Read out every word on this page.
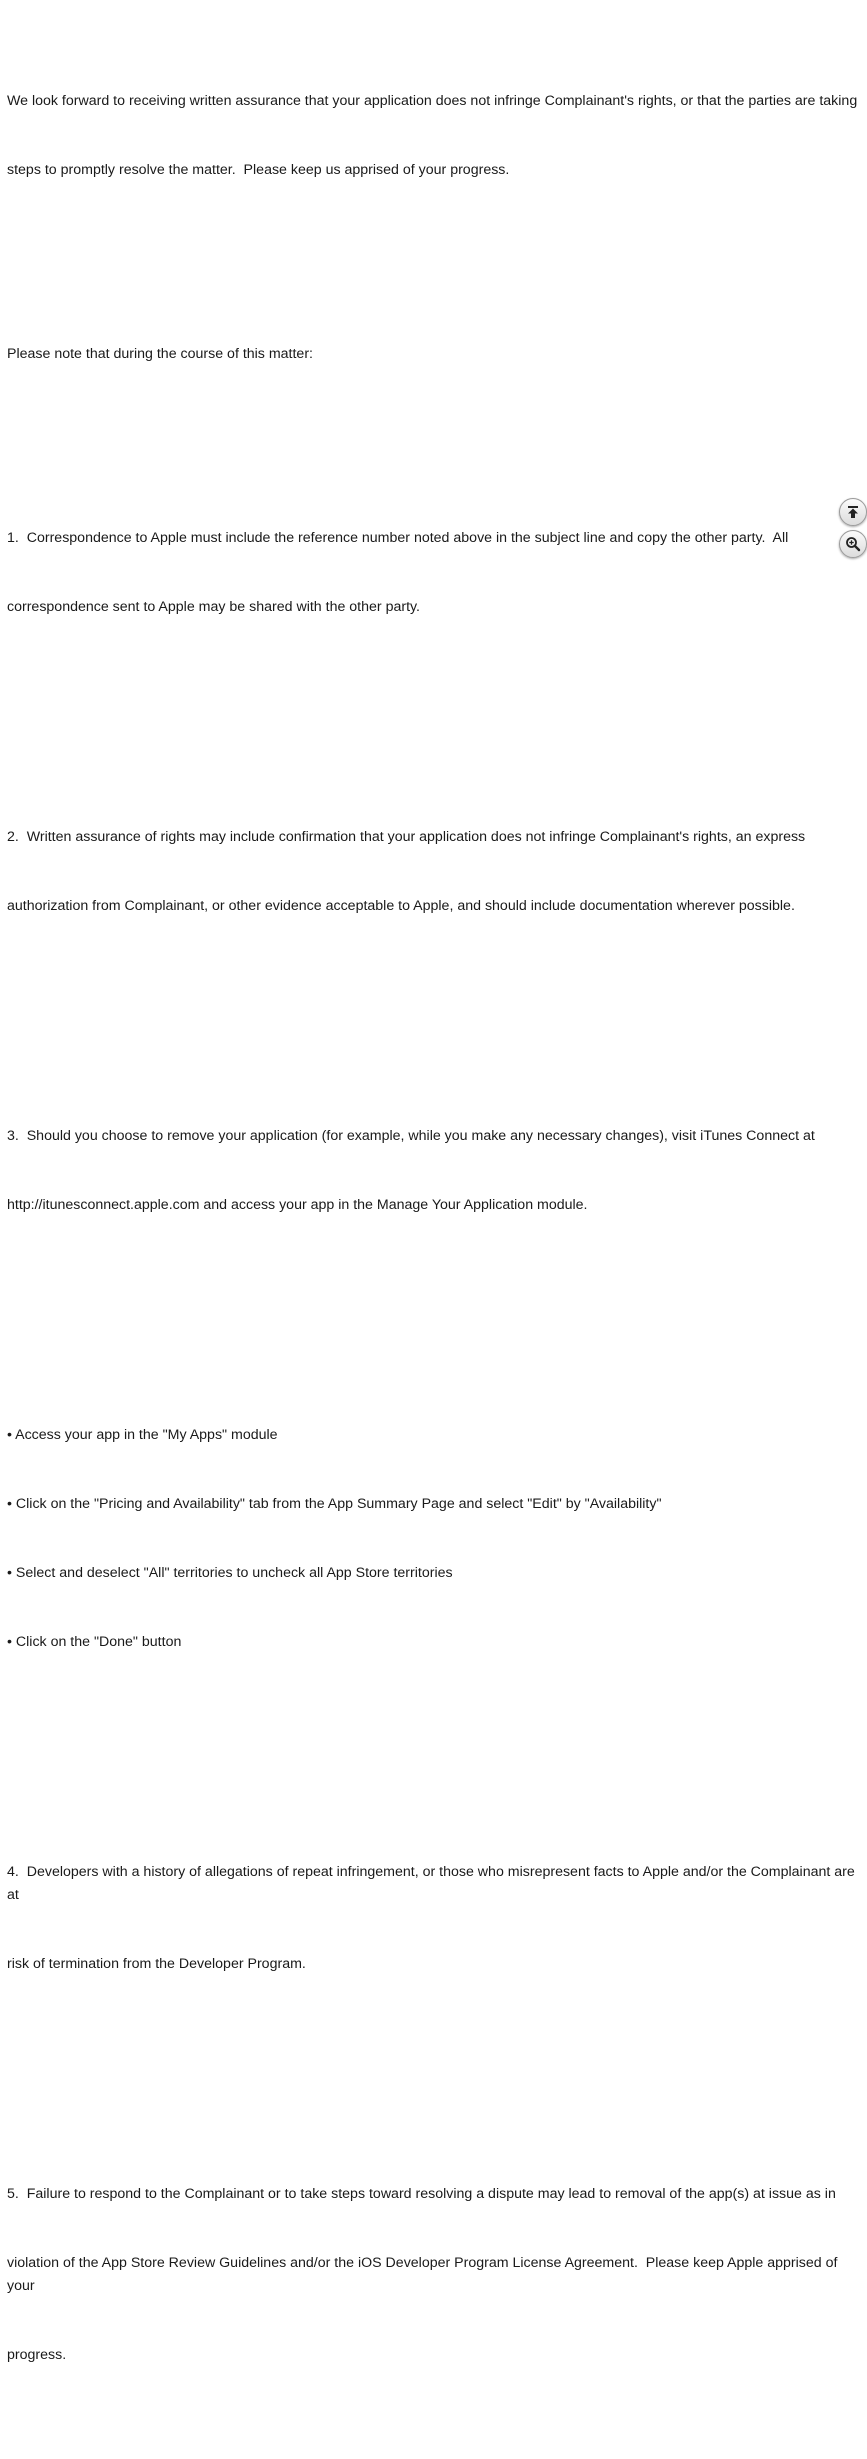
We look forward to receiving written assurance that your application does not infringe Complainant's rights, or that the parties are taking

steps to promptly resolve the matter.  Please keep us apprised of your progress.

Please note that during the course of this matter:

1.  Correspondence to Apple must include the reference number noted above in the subject line and copy the other party.  All

correspondence sent to Apple may be shared with the other party.

2.  Written assurance of rights may include confirmation that your application does not infringe Complainant's rights, an express

authorization from Complainant, or other evidence acceptable to Apple, and should include documentation wherever possible.

3.  Should you choose to remove your application (for example, while you make any necessary changes), visit iTunes Connect at

http://itunesconnect.apple.com and access your app in the Manage Your Application module.

• Access your app in the "My Apps" module

• Click on the "Pricing and Availability" tab from the App Summary Page and select "Edit" by "Availability"

• Select and deselect "All" territories to uncheck all App Store territories

• Click on the "Done" button

4.  Developers with a history of allegations of repeat infringement, or those who misrepresent facts to Apple and/or the Complainant are at

risk of termination from the Developer Program.

5.  Failure to respond to the Complainant or to take steps toward resolving a dispute may lead to removal of the app(s) at issue as in

violation of the App Store Review Guidelines and/or the iOS Developer Program License Agreement.  Please keep Apple apprised of your

progress.
